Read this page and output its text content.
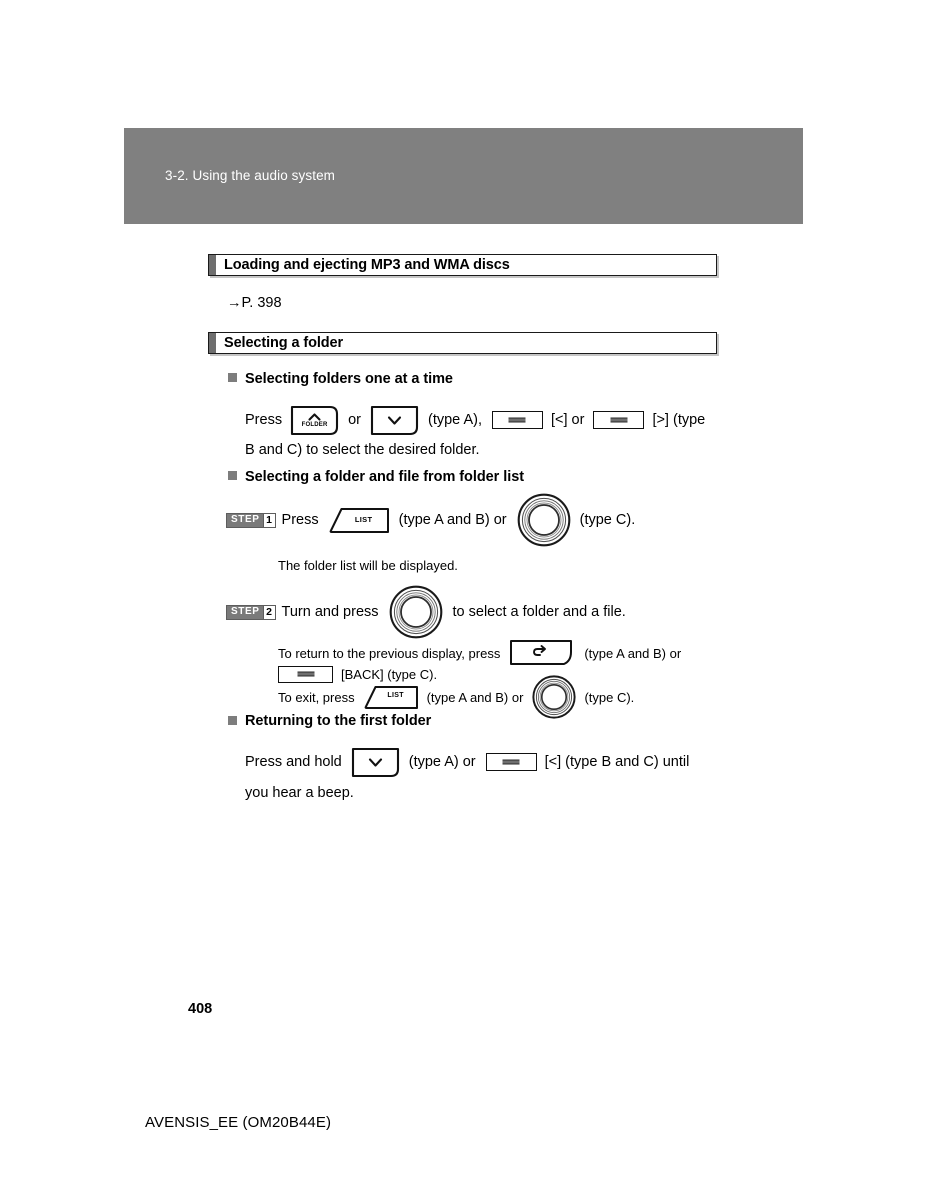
3-2. Using the audio system
Loading and ejecting MP3 and WMA discs
→P. 398
Selecting a folder
Selecting folders one at a time
Press	FOLDER	or	(type A),	[<] or	[>] (type
B and C) to select the desired folder.
Selecting a folder and file from folder list
STEP 1 Press	LIST	(type A and B) or	(type C).
The folder list will be displayed.
STEP 2 Turn and press	to select a folder and a file.
To return to the previous display, press	(type A and B) or
[BACK] (type C).
To exit, press	LIST	(type A and B) or	(type C).
Returning to the first folder
Press and hold	(type A) or	[<] (type B and C) until
you hear a beep.
408
AVENSIS_EE (OM20B44E)
